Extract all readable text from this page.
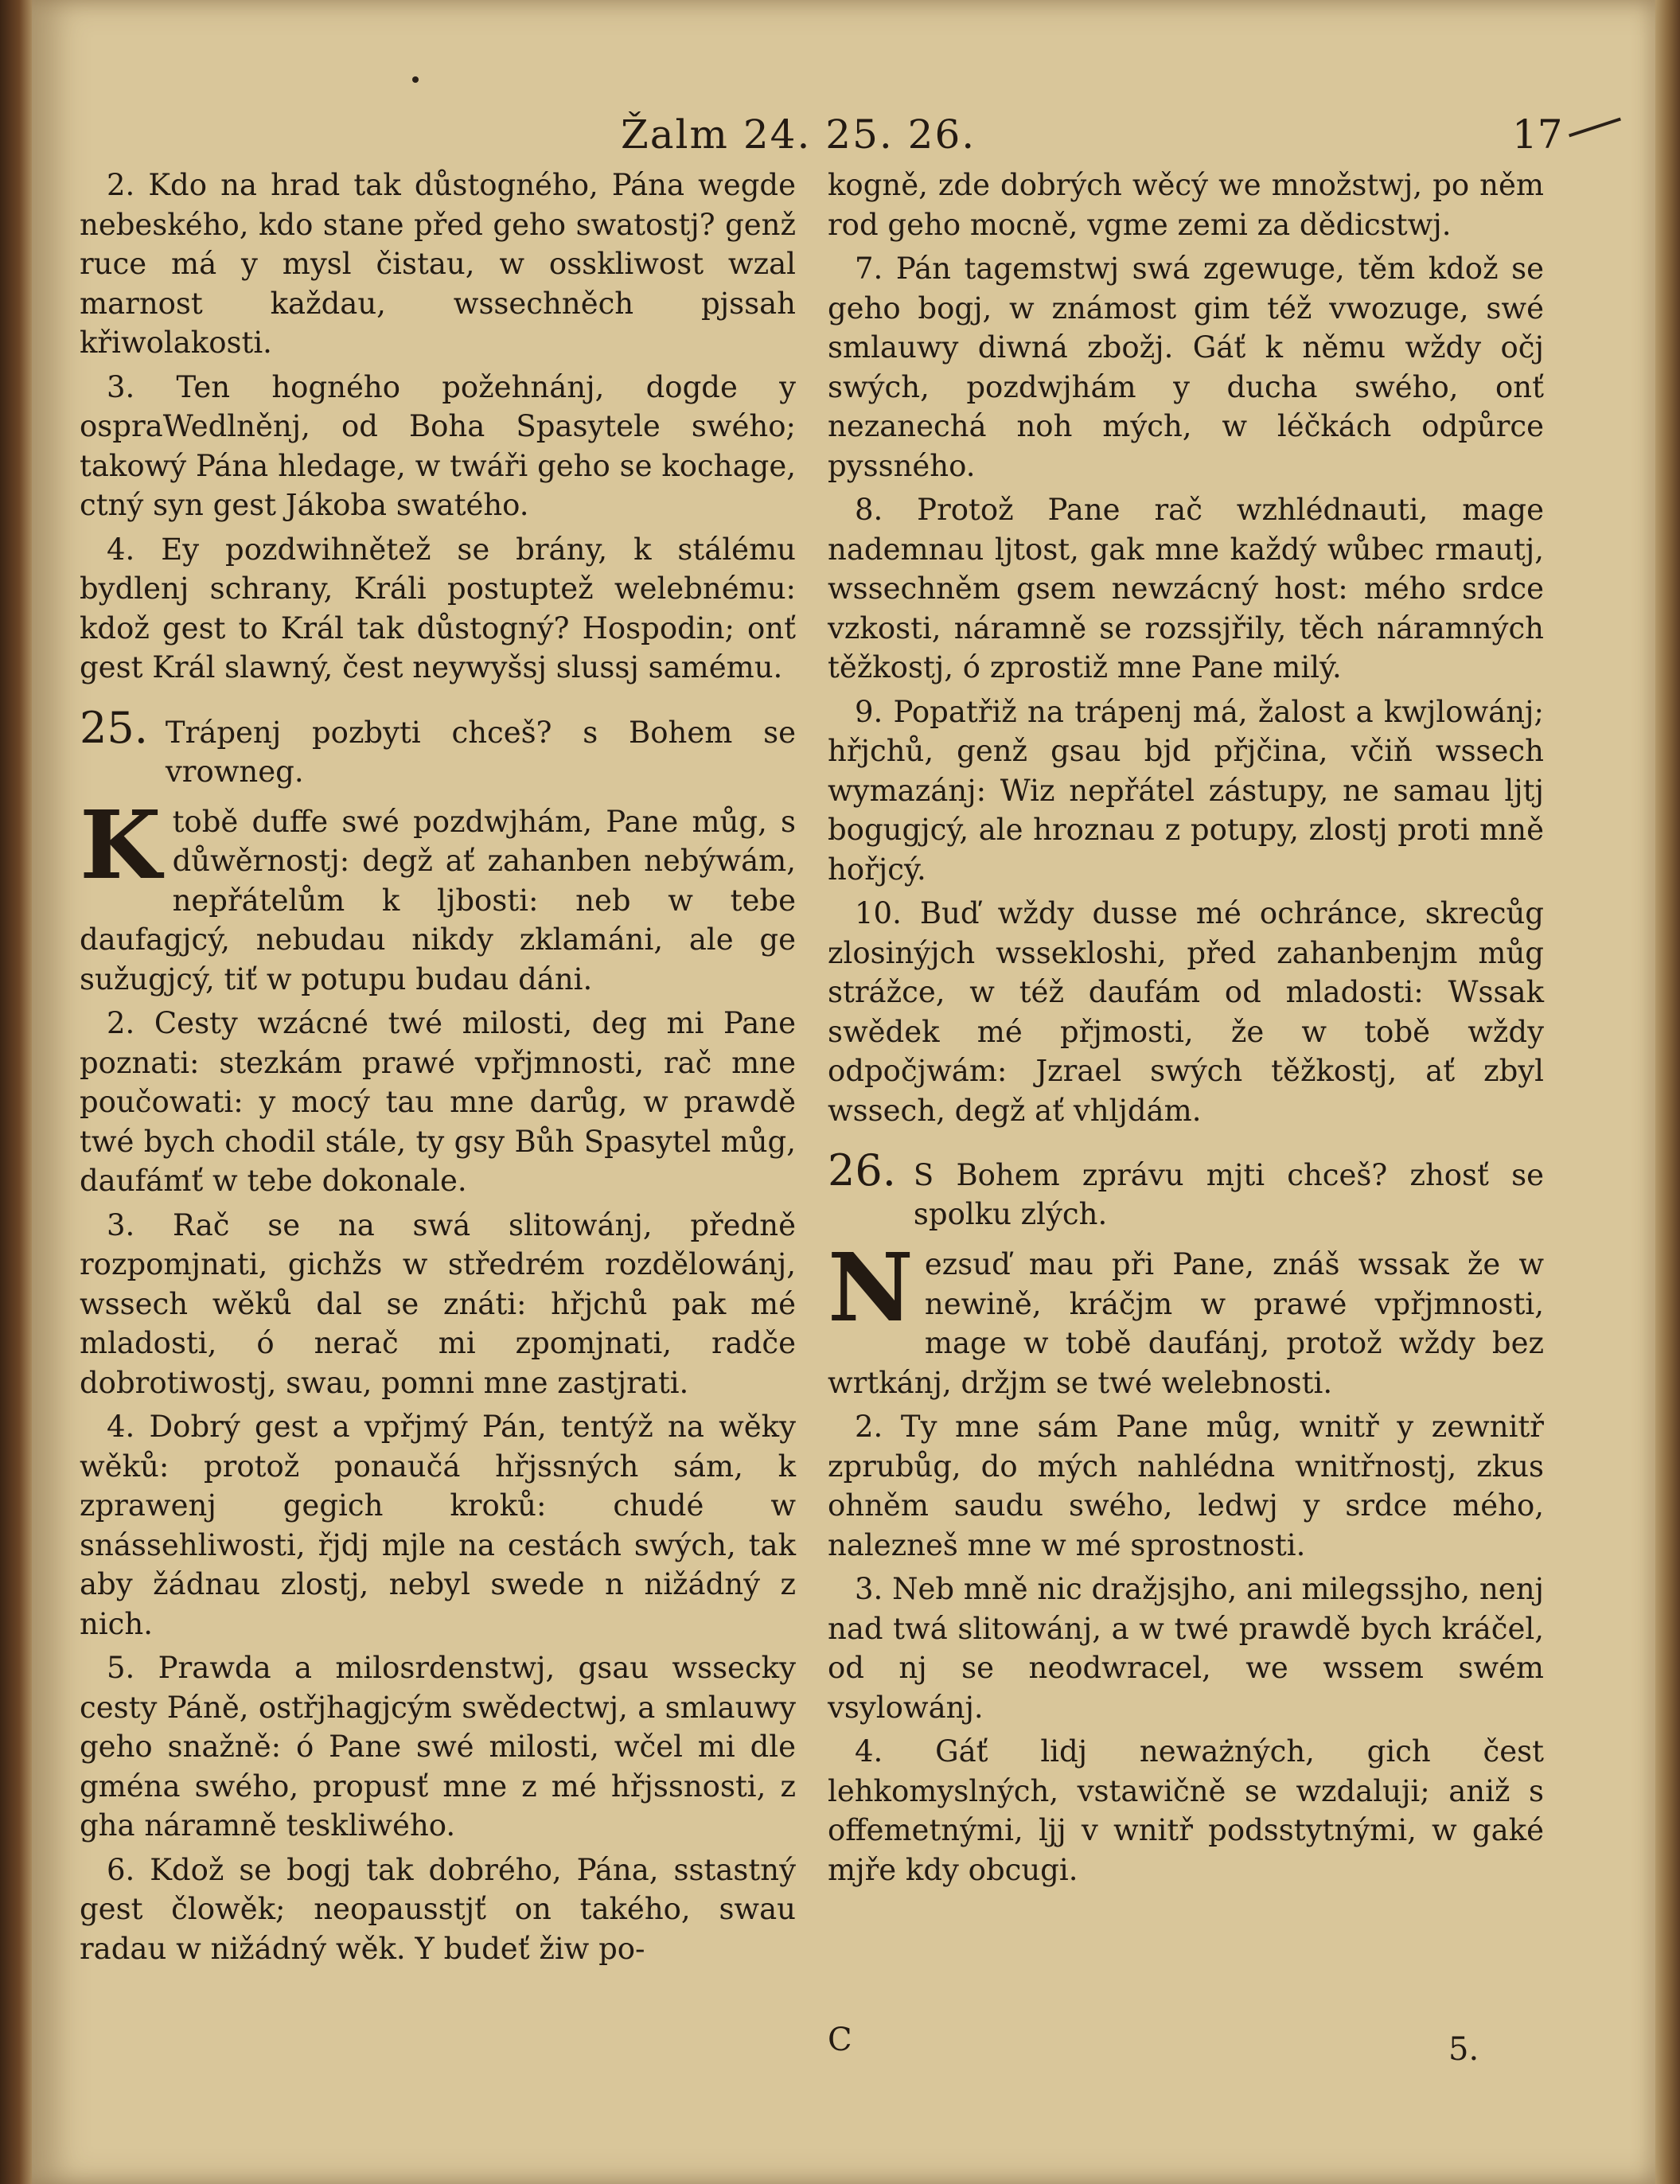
Žalm 24. 25. 26.	17

2. Kdo na hrad tak důstogného, Pána wegde nebeského, kdo stane před geho swatostj? genž ruce má y mysl čistau, w osskliwost wzal marnost každau, wssechněch pjssah křiwolakosti.

3. Ten hogného požehnánj, dogde y ospraWedlněnj, od Boha Spasytele swého; takowý Pána hledage, w twáři geho se kochage, ctný syn gest Jákoba swatého.

4. Ey pozdwihnětež se brány, k stálému bydlenj schrany, Králi postuptež welebnému: kdož gest to Král tak důstogný? Hospodin; onť gest Král slawný, čest neywyšsj slussj samému.

25. Trápenj pozbyti chceš? s Bohem se vrowneg.

Ktobě duffe swé pozdwjhám, Pane můg, s důwěrnostj: degž ať zahanben nebýwám, nepřátelům k ljbosti: neb w tebe daufagjcý, nebudau nikdy zklamáni, ale ge sužugjcý, tiť w potupu budau dáni.

2. Cesty wzácné twé milosti, deg mi Pane poznati: stezkám prawé vpřjmnosti, rač mne poučowati: y mocý tau mne darůg, w prawdě twé bych chodil stále, ty gsy Bůh Spasytel můg, daufámť w tebe dokonale.

3. Rač se na swá slitowánj, předně rozpomjnati, gichžs w středrém rozdělowánj, wssech wěků dal se znáti: hřjchů pak mé mladosti, ó nerač mi zpomjnati, radče dobrotiwostj, swau, pomni mne zastjrati.

4. Dobrý gest a vpřjmý Pán, tentýž na wěky wěků: protož ponaučá hřjssných sám, k zprawenj gegich kroků: chudé w snássehliwosti, řjdj mjle na cestách swých, tak aby žádnau zlostj, nebyl swede n nižádný z nich.

5. Prawda a milosrdenstwj, gsau wssecky cesty Páně, ostřjhagjcým swědectwj, a smlauwy geho snažně: ó Pane swé milosti, wčel mi dle gména swého, propusť mne z mé hřjssnosti, z gha náramně teskliwého.

6. Kdož se bogj tak dobrého, Pána, sstastný gest člowěk; neopausstjť on takého, swau radau w nižádný wěk. Y budeť žiw po-

kogně, zde dobrých wěcý we množstwj, po něm rod geho mocně, vgme zemi za dědicstwj.

7. Pán tagemstwj swá zgewuge, těm kdož se geho bogj, w známost gim též vwozuge, swé smlauwy diwná zbožj. Gáť k němu wždy očj swých, pozdwjhám y ducha swého, onť nezanechá noh mých, w léčkách odpůrce pyssného.

8. Protož Pane rač wzhlédnauti, mage nademnau ljtost, gak mne každý wůbec rmautj, wssechněm gsem newzácný host: mého srdce vzkosti, náramně se rozssjřily, těch náramných těžkostj, ó zprostiž mne Pane milý.

9. Popatřiž na trápenj má, žalost a kwjlowánj; hřjchů, genž gsau bjd přjčina, včiň wssech wymazánj: Wiz nepřátel zástupy, ne samau ljtj bogugjcý, ale hroznau z potupy, zlostj proti mně hořjcý.

10. Buď wždy dusse mé ochránce, skrecůg zlosinýjch wssekloshi, před zahanbenjm můg strážce, w též daufám od mladosti: Wssak swědek mé přjmosti, že w tobě wždy odpočjwám: Jzrael swých těžkostj, ať zbyl wssech, degž ať vhljdám.

26. S Bohem zprávu mjti chceš? zhosť se spolku zlých.

Nezsuď mau při Pane, znáš wssak že w newině, kráčjm w prawé vpřjmnosti, mage w tobě daufánj, protož wždy bez wrtkánj, držjm se twé welebnosti.

2. Ty mne sám Pane můg, wnitř y zewnitř zprubůg, do mých nahlédna wnitřnostj, zkus ohněm saudu swého, ledwj y srdce mého, nalezneš mne w mé sprostnosti.

3. Neb mně nic dražjsjho, ani milegssjho, nenj nad twá slitowánj, a w twé prawdě bych kráčel, od nj se neodwracel, we wssem swém vsylowánj.

4. Gáť lidj neważných, gich čest lehkomyslných, vstawičně se wzdaluji; aniž s offemetnými, ljj v wnitř podsstytnými, w gaké mjře kdy obcugi.

C	5.
